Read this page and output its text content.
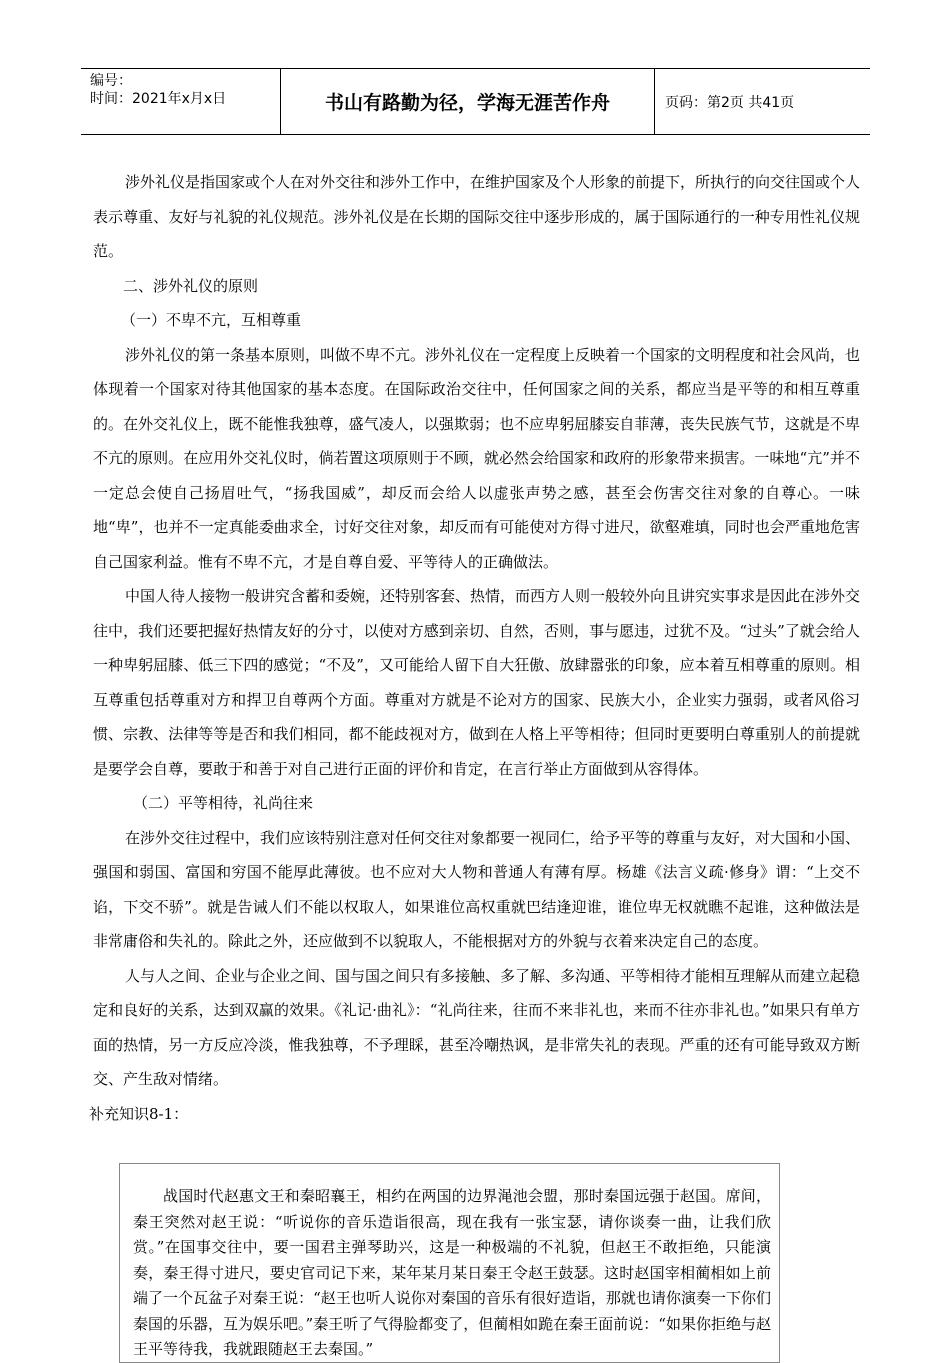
编号：
时间：2021年x月x日	书山有路勤为径，学海无涯苦作舟	页码：第2页 共41页

涉外礼仪是指国家或个人在对外交往和涉外工作中，在维护国家及个人形象的前提下，所执行的向交往国或个人表示尊重、友好与礼貌的礼仪规范。涉外礼仪是在长期的国际交往中逐步形成的，属于国际通行的一种专用性礼仪规范。

二、涉外礼仪的原则

（一）不卑不亢，互相尊重

涉外礼仪的第一条基本原则，叫做不卑不亢。涉外礼仪在一定程度上反映着一个国家的文明程度和社会风尚，也体现着一个国家对待其他国家的基本态度。在国际政治交往中，任何国家之间的关系，都应当是平等的和相互尊重的。在外交礼仪上，既不能惟我独尊，盛气凌人，以强欺弱；也不应卑躬屈膝妄自菲薄，丧失民族气节，这就是不卑不亢的原则。在应用外交礼仪时，倘若置这项原则于不顾，就必然会给国家和政府的形象带来损害。一味地“亢”并不一定总会使自己扬眉吐气，“扬我国威”，却反而会给人以虚张声势之感，甚至会伤害交往对象的自尊心。一味地“卑”，也并不一定真能委曲求全，讨好交往对象，却反而有可能使对方得寸进尺，欲壑难填，同时也会严重地危害自己国家利益。惟有不卑不亢，才是自尊自爱、平等待人的正确做法。

中国人待人接物一般讲究含蓄和委婉，还特别客套、热情，而西方人则一般较外向且讲究实事求是因此在涉外交往中，我们还要把握好热情友好的分寸，以使对方感到亲切、自然，否则，事与愿违，过犹不及。“过头”了就会给人一种卑躬屈膝、低三下四的感觉；“不及”，又可能给人留下自大狂傲、放肆嚣张的印象，应本着互相尊重的原则。相互尊重包括尊重对方和捍卫自尊两个方面。尊重对方就是不论对方的国家、民族大小，企业实力强弱，或者风俗习惯、宗教、法律等等是否和我们相同，都不能歧视对方，做到在人格上平等相待；但同时更要明白尊重别人的前提就是要学会自尊，要敢于和善于对自己进行正面的评价和肯定，在言行举止方面做到从容得体。

（二）平等相待，礼尚往来

在涉外交往过程中，我们应该特别注意对任何交往对象都要一视同仁，给予平等的尊重与友好，对大国和小国、强国和弱国、富国和穷国不能厚此薄彼。也不应对大人物和普通人有薄有厚。杨雄《法言义疏·修身》谓：“上交不谄，下交不骄”。就是告诫人们不能以权取人，如果谁位高权重就巴结逢迎谁，谁位卑无权就瞧不起谁，这种做法是非常庸俗和失礼的。除此之外，还应做到不以貌取人，不能根据对方的外貌与衣着来决定自己的态度。

人与人之间、企业与企业之间、国与国之间只有多接触、多了解、多沟通、平等相待才能相互理解从而建立起稳定和良好的关系，达到双赢的效果。《礼记·曲礼》：“礼尚往来，往而不来非礼也，来而不往亦非礼也。”如果只有单方面的热情，另一方反应冷淡，惟我独尊，不予理睬，甚至冷嘲热讽，是非常失礼的表现。严重的还有可能导致双方断交、产生敌对情绪。

补充知识8-1：

战国时代赵惠文王和秦昭襄王，相约在两国的边界渑池会盟，那时秦国远强于赵国。席间，秦王突然对赵王说：“听说你的音乐造诣很高，现在我有一张宝瑟，请你谈奏一曲，让我们欣赏。”在国事交往中，要一国君主弹琴助兴，这是一种极端的不礼貌，但赵王不敢拒绝，只能演奏，秦王得寸进尺，要史官司记下来，某年某月某日秦王令赵王鼓瑟。这时赵国宰相蔺相如上前端了一个瓦盆子对秦王说：“赵王也听人说你对秦国的音乐有很好造诣，那就也请你演奏一下你们秦国的乐器，互为娱乐吧。”秦王听了气得脸都变了，但蔺相如跪在秦王面前说：“如果你拒绝与赵王平等待我，我就跟随赵王去秦国。”
